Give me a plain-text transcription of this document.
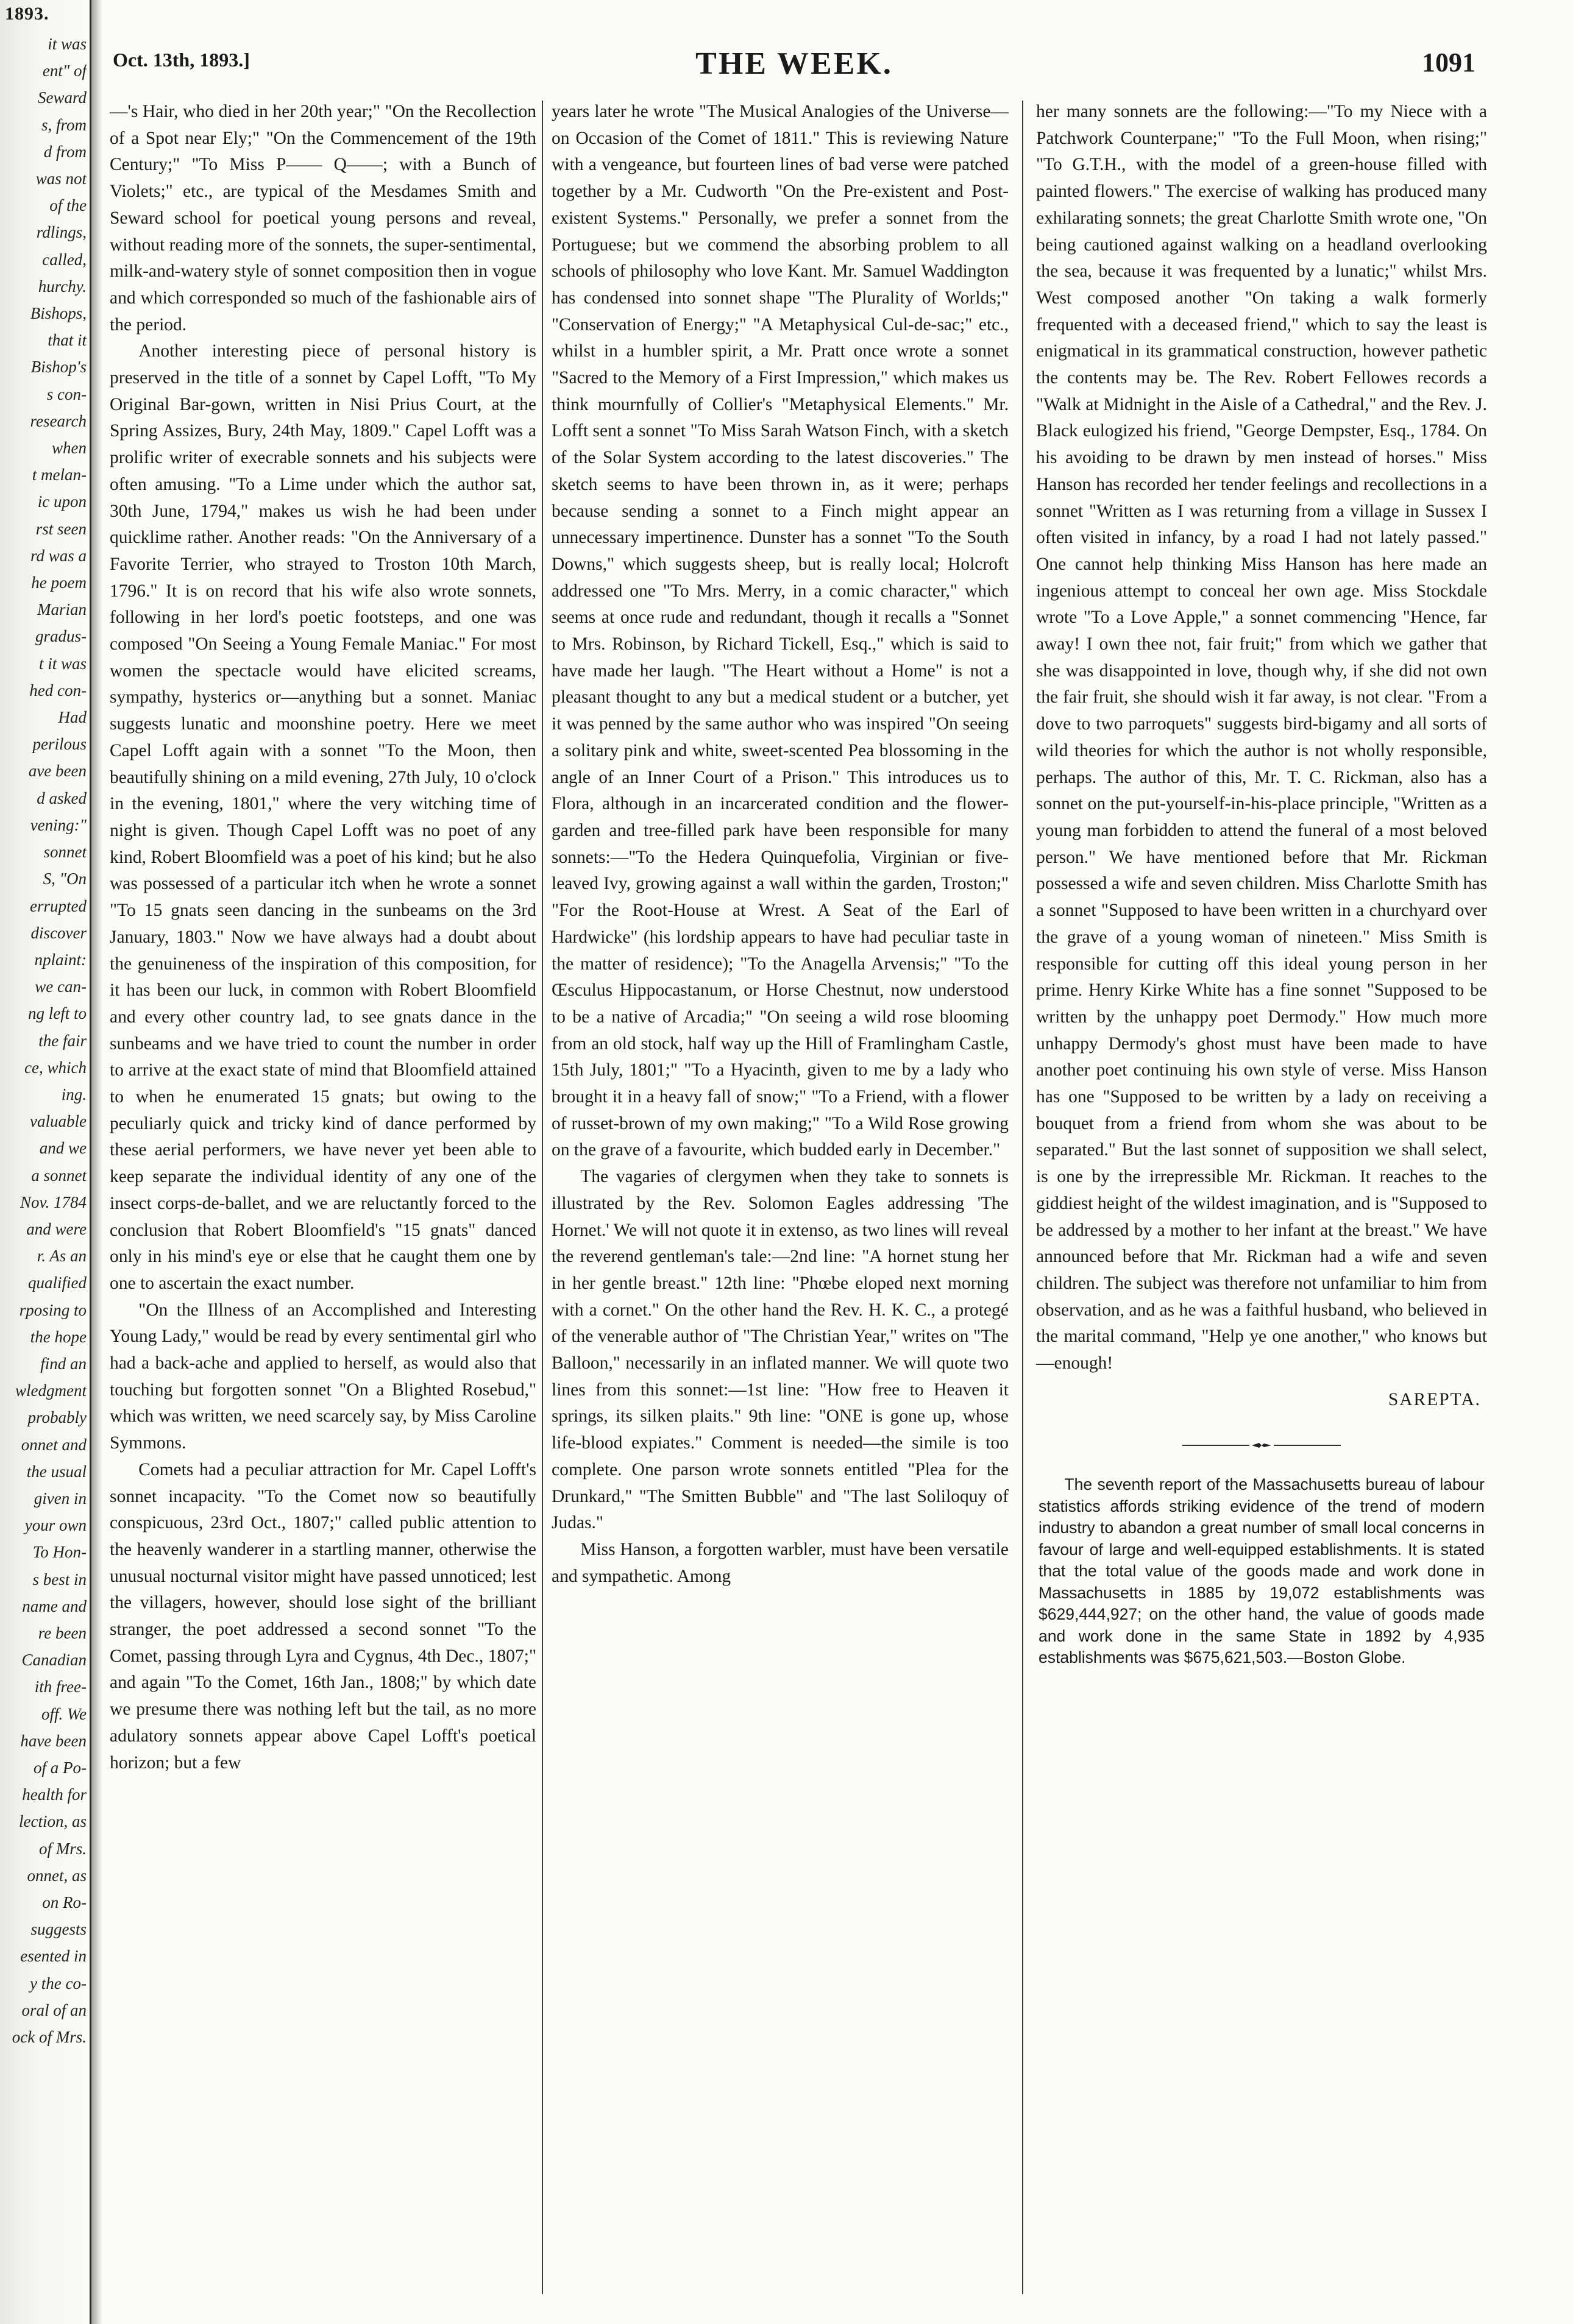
1893.
it was
ent" of
Seward
s, from
d from
was not
of the
rdlings,
called,
hurchy.
Bishops,
that it
Bishop's
s con-
research
when
t melan-
ic upon
rst seen
rd was a
he poem
Marian
gradus-
t it was
hed con-
Had
perilous
ave been
d asked
vening:"
sonnet
S, "On
errupted
discover
nplaint:
we can-
ng left to
the fair
ce, which
ing.
valuable
and we
a sonnet
Nov. 1784
and were
r. As an
qualified
rposing to
the hope
find an
wledgment
probably
onnet and
the usual
given in
your own
To Hon-
s best in
name and
re been
Canadian
ith free-
off. We
have been
of a Po-
health for
lection, as
of Mrs.
onnet, as
on Ro-
suggests
esented in
y the co-
oral of an
ock of Mrs.
Oct. 13th, 1893.]	THE WEEK.	1091

—'s Hair, who died in her 20th year;" "On the Recollection of a Spot near Ely;" "On the Commencement of the 19th Century;" "To Miss P—— Q——; with a Bunch of Violets;" etc., are typical of the Mesdames Smith and Seward school for poetical young persons and reveal, without reading more of the sonnets, the super-sentimental, milk-and-watery style of sonnet composition then in vogue and which corresponded so much of the fashionable airs of the period.

Another interesting piece of personal history is preserved in the title of a sonnet by Capel Lofft, "To My Original Bar-gown, written in Nisi Prius Court, at the Spring Assizes, Bury, 24th May, 1809." Capel Lofft was a prolific writer of execrable sonnets and his subjects were often amusing. "To a Lime under which the author sat, 30th June, 1794," makes us wish he had been under quicklime rather. Another reads: "On the Anniversary of a Favorite Terrier, who strayed to Troston 10th March, 1796." It is on record that his wife also wrote sonnets, following in her lord's poetic footsteps, and one was composed "On Seeing a Young Female Maniac." For most women the spectacle would have elicited screams, sympathy, hysterics or—anything but a sonnet. Maniac suggests lunatic and moonshine poetry. Here we meet Capel Lofft again with a sonnet "To the Moon, then beautifully shining on a mild evening, 27th July, 10 o'clock in the evening, 1801," where the very witching time of night is given. Though Capel Lofft was no poet of any kind, Robert Bloomfield was a poet of his kind; but he also was possessed of a particular itch when he wrote a sonnet "To 15 gnats seen dancing in the sunbeams on the 3rd January, 1803." Now we have always had a doubt about the genuineness of the inspiration of this composition, for it has been our luck, in common with Robert Bloomfield and every other country lad, to see gnats dance in the sunbeams and we have tried to count the number in order to arrive at the exact state of mind that Bloomfield attained to when he enumerated 15 gnats; but owing to the peculiarly quick and tricky kind of dance performed by these aerial performers, we have never yet been able to keep separate the individual identity of any one of the insect corps-de-ballet, and we are reluctantly forced to the conclusion that Robert Bloomfield's "15 gnats" danced only in his mind's eye or else that he caught them one by one to ascertain the exact number.

"On the Illness of an Accomplished and Interesting Young Lady," would be read by every sentimental girl who had a back-ache and applied to herself, as would also that touching but forgotten sonnet "On a Blighted Rosebud," which was written, we need scarcely say, by Miss Caroline Symmons.

Comets had a peculiar attraction for Mr. Capel Lofft's sonnet incapacity. "To the Comet now so beautifully conspicuous, 23rd Oct., 1807;" called public attention to the heavenly wanderer in a startling manner, otherwise the unusual nocturnal visitor might have passed unnoticed; lest the villagers, however, should lose sight of the brilliant stranger, the poet addressed a second sonnet "To the Comet, passing through Lyra and Cygnus, 4th Dec., 1807;" and again "To the Comet, 16th Jan., 1808;" by which date we presume there was nothing left but the tail, as no more adulatory sonnets appear above Capel Lofft's poetical horizon; but a few

years later he wrote "The Musical Analogies of the Universe—on Occasion of the Comet of 1811." This is reviewing Nature with a vengeance, but fourteen lines of bad verse were patched together by a Mr. Cudworth "On the Pre-existent and Post-existent Systems." Personally, we prefer a sonnet from the Portuguese; but we commend the absorbing problem to all schools of philosophy who love Kant. Mr. Samuel Waddington has condensed into sonnet shape "The Plurality of Worlds;" "Conservation of Energy;" "A Metaphysical Cul-de-sac;" etc., whilst in a humbler spirit, a Mr. Pratt once wrote a sonnet "Sacred to the Memory of a First Impression," which makes us think mournfully of Collier's "Metaphysical Elements." Mr. Lofft sent a sonnet "To Miss Sarah Watson Finch, with a sketch of the Solar System according to the latest discoveries." The sketch seems to have been thrown in, as it were; perhaps because sending a sonnet to a Finch might appear an unnecessary impertinence. Dunster has a sonnet "To the South Downs," which suggests sheep, but is really local; Holcroft addressed one "To Mrs. Merry, in a comic character," which seems at once rude and redundant, though it recalls a "Sonnet to Mrs. Robinson, by Richard Tickell, Esq.," which is said to have made her laugh. "The Heart without a Home" is not a pleasant thought to any but a medical student or a butcher, yet it was penned by the same author who was inspired "On seeing a solitary pink and white, sweet-scented Pea blossoming in the angle of an Inner Court of a Prison." This introduces us to Flora, although in an incarcerated condition and the flower-garden and tree-filled park have been responsible for many sonnets:—"To the Hedera Quinquefolia, Virginian or five-leaved Ivy, growing against a wall within the garden, Troston;" "For the Root-House at Wrest. A Seat of the Earl of Hardwicke" (his lordship appears to have had peculiar taste in the matter of residence); "To the Anagella Arvensis;" "To the Œsculus Hippocastanum, or Horse Chestnut, now understood to be a native of Arcadia;" "On seeing a wild rose blooming from an old stock, half way up the Hill of Framlingham Castle, 15th July, 1801;" "To a Hyacinth, given to me by a lady who brought it in a heavy fall of snow;" "To a Friend, with a flower of russet-brown of my own making;" "To a Wild Rose growing on the grave of a favourite, which budded early in December."

The vagaries of clergymen when they take to sonnets is illustrated by the Rev. Solomon Eagles addressing 'The Hornet.' We will not quote it in extenso, as two lines will reveal the reverend gentleman's tale:—2nd line: "A hornet stung her in her gentle breast." 12th line: "Phœbe eloped next morning with a cornet." On the other hand the Rev. H. K. C., a protegé of the venerable author of "The Christian Year," writes on "The Balloon," necessarily in an inflated manner. We will quote two lines from this sonnet:—1st line: "How free to Heaven it springs, its silken plaits." 9th line: "ONE is gone up, whose life-blood expiates." Comment is needed—the simile is too complete. One parson wrote sonnets entitled "Plea for the Drunkard," "The Smitten Bubble" and "The last Soliloquy of Judas."

Miss Hanson, a forgotten warbler, must have been versatile and sympathetic. Among

her many sonnets are the following:—"To my Niece with a Patchwork Counterpane;" "To the Full Moon, when rising;" "To G.T.H., with the model of a green-house filled with painted flowers." The exercise of walking has produced many exhilarating sonnets; the great Charlotte Smith wrote one, "On being cautioned against walking on a headland overlooking the sea, because it was frequented by a lunatic;" whilst Mrs. West composed another "On taking a walk formerly frequented with a deceased friend," which to say the least is enigmatical in its grammatical construction, however pathetic the contents may be. The Rev. Robert Fellowes records a "Walk at Midnight in the Aisle of a Cathedral," and the Rev. J. Black eulogized his friend, "George Dempster, Esq., 1784. On his avoiding to be drawn by men instead of horses." Miss Hanson has recorded her tender feelings and recollections in a sonnet "Written as I was returning from a village in Sussex I often visited in infancy, by a road I had not lately passed." One cannot help thinking Miss Hanson has here made an ingenious attempt to conceal her own age. Miss Stockdale wrote "To a Love Apple," a sonnet commencing "Hence, far away! I own thee not, fair fruit;" from which we gather that she was disappointed in love, though why, if she did not own the fair fruit, she should wish it far away, is not clear. "From a dove to two parroquets" suggests bird-bigamy and all sorts of wild theories for which the author is not wholly responsible, perhaps. The author of this, Mr. T. C. Rickman, also has a sonnet on the put-yourself-in-his-place principle, "Written as a young man forbidden to attend the funeral of a most beloved person." We have mentioned before that Mr. Rickman possessed a wife and seven children. Miss Charlotte Smith has a sonnet "Supposed to have been written in a churchyard over the grave of a young woman of nineteen." Miss Smith is responsible for cutting off this ideal young person in her prime. Henry Kirke White has a fine sonnet "Supposed to be written by the unhappy poet Dermody." How much more unhappy Dermody's ghost must have been made to have another poet continuing his own style of verse. Miss Hanson has one "Supposed to be written by a lady on receiving a bouquet from a friend from whom she was about to be separated." But the last sonnet of supposition we shall select, is one by the irrepressible Mr. Rickman. It reaches to the giddiest height of the wildest imagination, and is "Supposed to be addressed by a mother to her infant at the breast." We have announced before that Mr. Rickman had a wife and seven children. The subject was therefore not unfamiliar to him from observation, and as he was a faithful husband, who believed in the marital command, "Help ye one another," who knows but—enough!

SAREPTA.

The seventh report of the Massachusetts bureau of labour statistics affords striking evidence of the trend of modern industry to abandon a great number of small local concerns in favour of large and well-equipped establishments. It is stated that the total value of the goods made and work done in Massachusetts in 1885 by 19,072 establishments was $629,444,927; on the other hand, the value of goods made and work done in the same State in 1892 by 4,935 establishments was $675,621,503.—Boston Globe.
